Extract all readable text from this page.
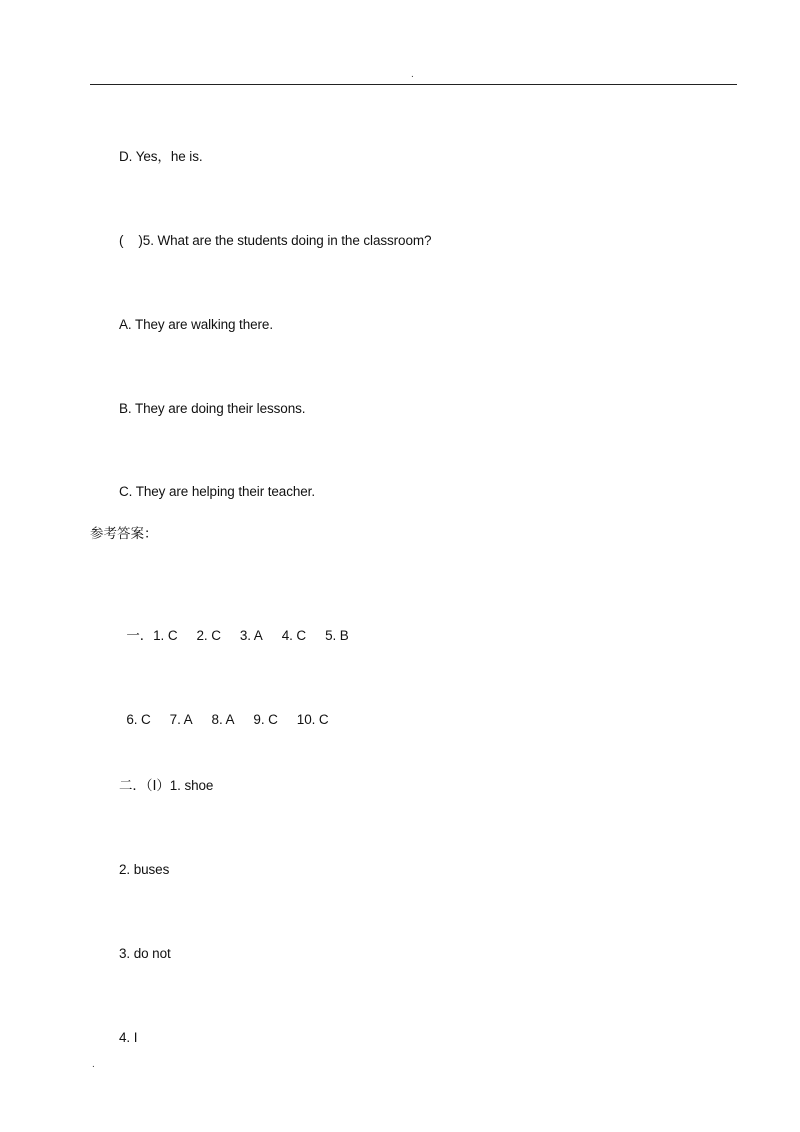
.
D. Yes，he is.
( )5. What are the students doing in the classroom?
A. They are walking there.
B. They are doing their lessons.
C. They are helping their teacher.
参考答案：

一．1. C 2. C 3. A 4. C 5. B

6. C 7. A 8. A 9. C 10. C

二．（Ⅰ）1. shoe
2. buses
3. do not
4. I
.
